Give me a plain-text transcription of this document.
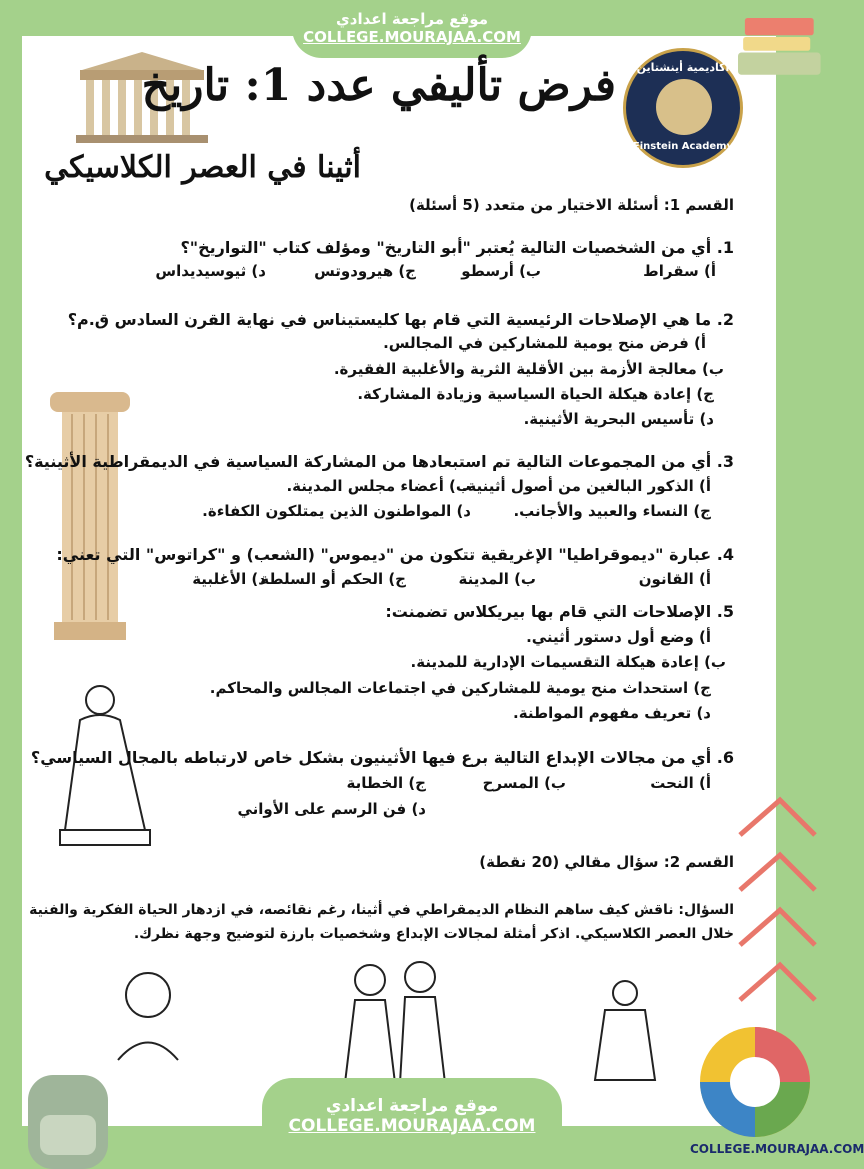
موقع مراجعة اعدادي
COLLEGE.MOURAJAA.COM
أكاديمية أينشتاين
Einstein Academy
فرض تأليفي عدد 1: تاريخ
أثينا في العصر الكلاسيكي
القسم 1: أسئلة الاختيار من متعدد (5 أسئلة)
1. أي من الشخصيات التالية يُعتبر "أبو التاريخ" ومؤلف كتاب "التواريخ"؟
أ) سقراط
ب) أرسطو
ج) هيرودوتس
د) ثيوسيديداس
2. ما هي الإصلاحات الرئيسية التي قام بها كليستيناس في نهاية القرن السادس ق.م؟
أ) فرض منح يومية للمشاركين في المجالس.
ب) معالجة الأزمة بين الأقلية الثرية والأغلبية الفقيرة.
ج) إعادة هيكلة الحياة السياسية وزيادة المشاركة.
د) تأسيس البحرية الأثينية.
3. أي من المجموعات التالية تم استبعادها من المشاركة السياسية في الديمقراطية الأثينية؟
أ) الذكور البالغين من أصول أثينية.
ب) أعضاء مجلس المدينة.
ج) النساء والعبيد والأجانب.
د) المواطنون الذين يمتلكون الكفاءة.
4. عبارة "ديموقراطيا" الإغريقية تتكون من "ديموس" (الشعب) و "كراتوس" التي تعني:
أ) القانون
ب) المدينة
ج) الحكم أو السلطة
د) الأغلبية
5. الإصلاحات التي قام بها بيريكلاس تضمنت:
أ) وضع أول دستور أثيني.
ب) إعادة هيكلة التقسيمات الإدارية للمدينة.
ج) استحداث منح يومية للمشاركين في اجتماعات المجالس والمحاكم.
د) تعريف مفهوم المواطنة.
6. أي من مجالات الإبداع التالية برع فيها الأثينيون بشكل خاص لارتباطه بالمجال السياسي؟
أ) النحت
ب) المسرح
ج) الخطابة
د) فن الرسم على الأواني
القسم 2: سؤال مقالي (20 نقطة)
السؤال: ناقش كيف ساهم النظام الديمقراطي في أثينا، رغم نقائصه، في ازدهار الحياة الفكرية والفنية
خلال العصر الكلاسيكي. اذكر أمثلة لمجالات الإبداع وشخصيات بارزة لتوضيح وجهة نظرك.
موقع مراجعة اعدادي
COLLEGE.MOURAJAA.COM
COLLEGE.MOURAJAA.COM
